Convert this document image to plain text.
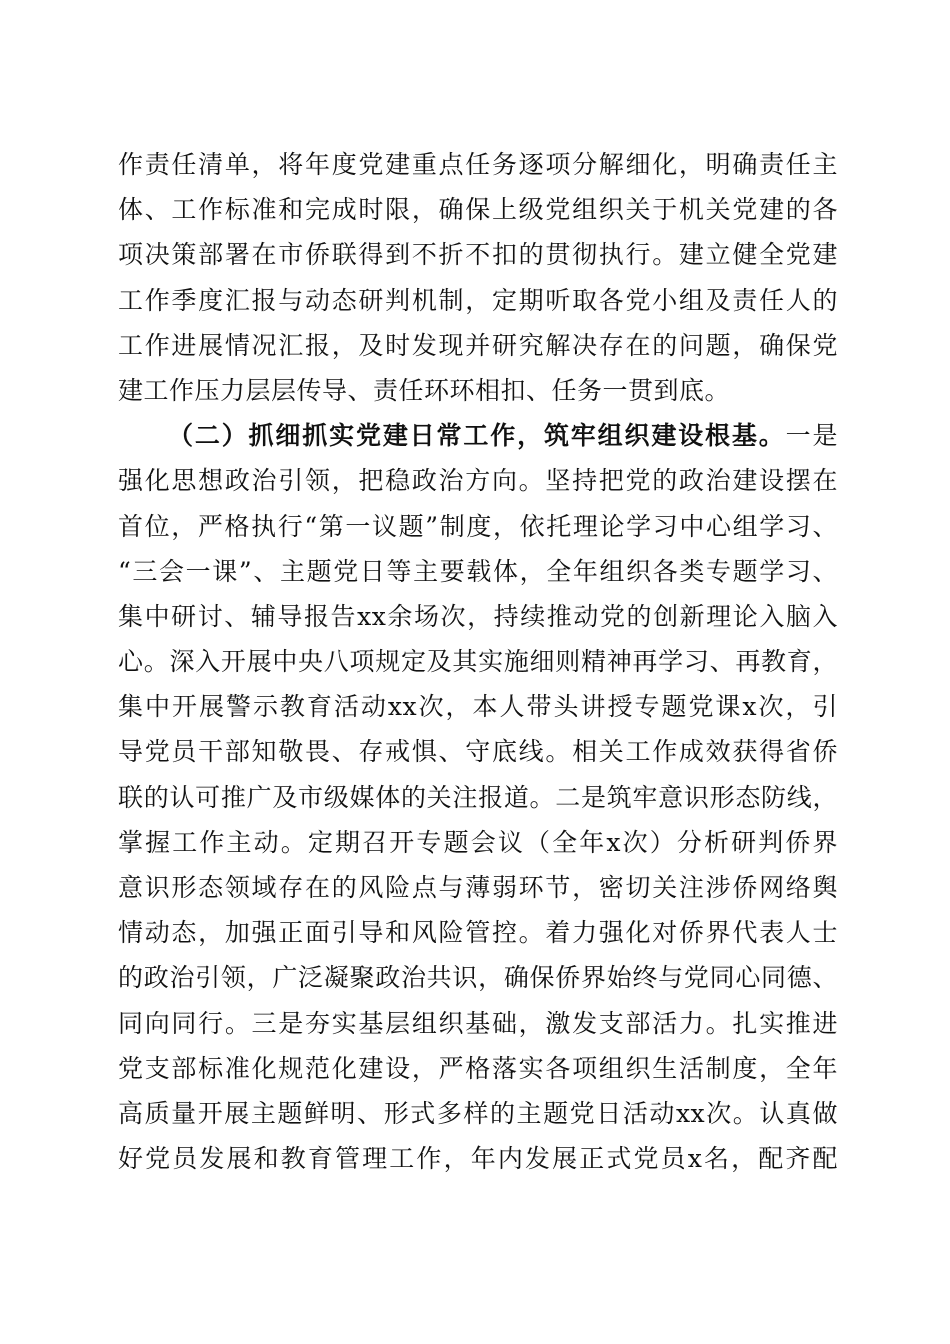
作责任清单，将年度党建重点任务逐项分解细化，明确责任主
体、工作标准和完成时限，确保上级党组织关于机关党建的各
项决策部署在市侨联得到不折不扣的贯彻执行。建立健全党建
工作季度汇报与动态研判机制，定期听取各党小组及责任人的
工作进展情况汇报，及时发现并研究解决存在的问题，确保党
建工作压力层层传导、责任环环相扣、任务一贯到底。
（二）抓细抓实党建日常工作，筑牢组织建设根基。一是
强化思想政治引领，把稳政治方向。坚持把党的政治建设摆在
首位，严格执行“第一议题”制度，依托理论学习中心组学习、
“三会一课”、主题党日等主要载体，全年组织各类专题学习、
集中研讨、辅导报告xx余场次，持续推动党的创新理论入脑入
心。深入开展中央八项规定及其实施细则精神再学习、再教育，
集中开展警示教育活动xx次，本人带头讲授专题党课x次，引
导党员干部知敬畏、存戒惧、守底线。相关工作成效获得省侨
联的认可推广及市级媒体的关注报道。二是筑牢意识形态防线，
掌握工作主动。定期召开专题会议（全年x次）分析研判侨界
意识形态领域存在的风险点与薄弱环节，密切关注涉侨网络舆
情动态，加强正面引导和风险管控。着力强化对侨界代表人士
的政治引领，广泛凝聚政治共识，确保侨界始终与党同心同德、
同向同行。三是夯实基层组织基础，激发支部活力。扎实推进
党支部标准化规范化建设，严格落实各项组织生活制度，全年
高质量开展主题鲜明、形式多样的主题党日活动xx次。认真做
好党员发展和教育管理工作，年内发展正式党员x名，配齐配
